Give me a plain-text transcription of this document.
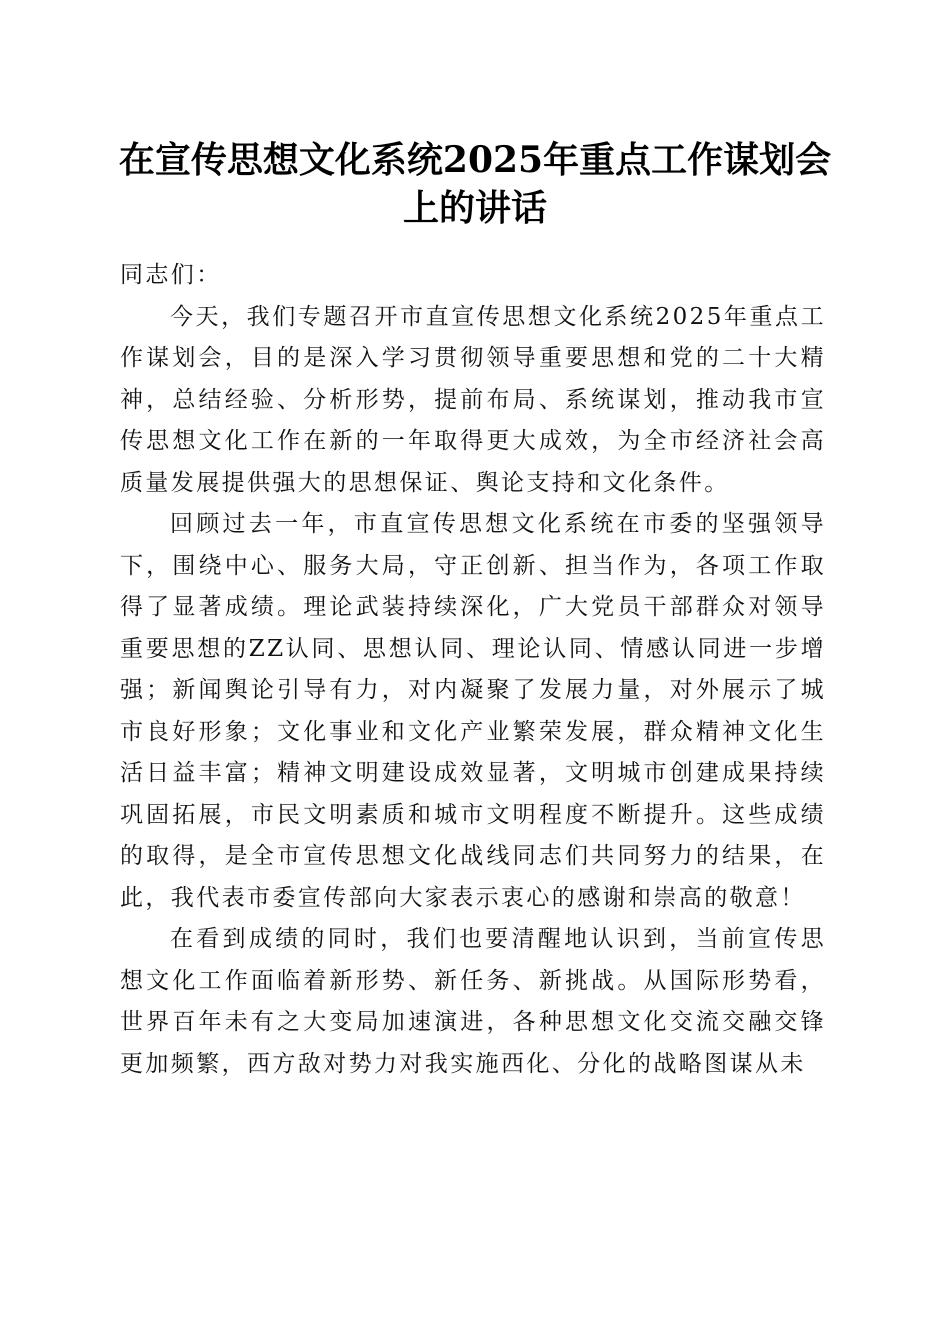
在宣传思想文化系统2025年重点工作谋划会上的讲话

同志们：

今天，我们专题召开市直宣传思想文化系统2025年重点工作谋划会，目的是深入学习贯彻领导重要思想和党的二十大精神，总结经验、分析形势，提前布局、系统谋划，推动我市宣传思想文化工作在新的一年取得更大成效，为全市经济社会高质量发展提供强大的思想保证、舆论支持和文化条件。

回顾过去一年，市直宣传思想文化系统在市委的坚强领导下，围绕中心、服务大局，守正创新、担当作为，各项工作取得了显著成绩。理论武装持续深化，广大党员干部群众对领导重要思想的ZZ认同、思想认同、理论认同、情感认同进一步增强；新闻舆论引导有力，对内凝聚了发展力量，对外展示了城市良好形象；文化事业和文化产业繁荣发展，群众精神文化生活日益丰富；精神文明建设成效显著，文明城市创建成果持续巩固拓展，市民文明素质和城市文明程度不断提升。这些成绩的取得，是全市宣传思想文化战线同志们共同努力的结果，在此，我代表市委宣传部向大家表示衷心的感谢和崇高的敬意！

在看到成绩的同时，我们也要清醒地认识到，当前宣传思想文化工作面临着新形势、新任务、新挑战。从国际形势看，世界百年未有之大变局加速演进，各种思想文化交流交融交锋更加频繁，西方敌对势力对我实施西化、分化的战略图谋从未
